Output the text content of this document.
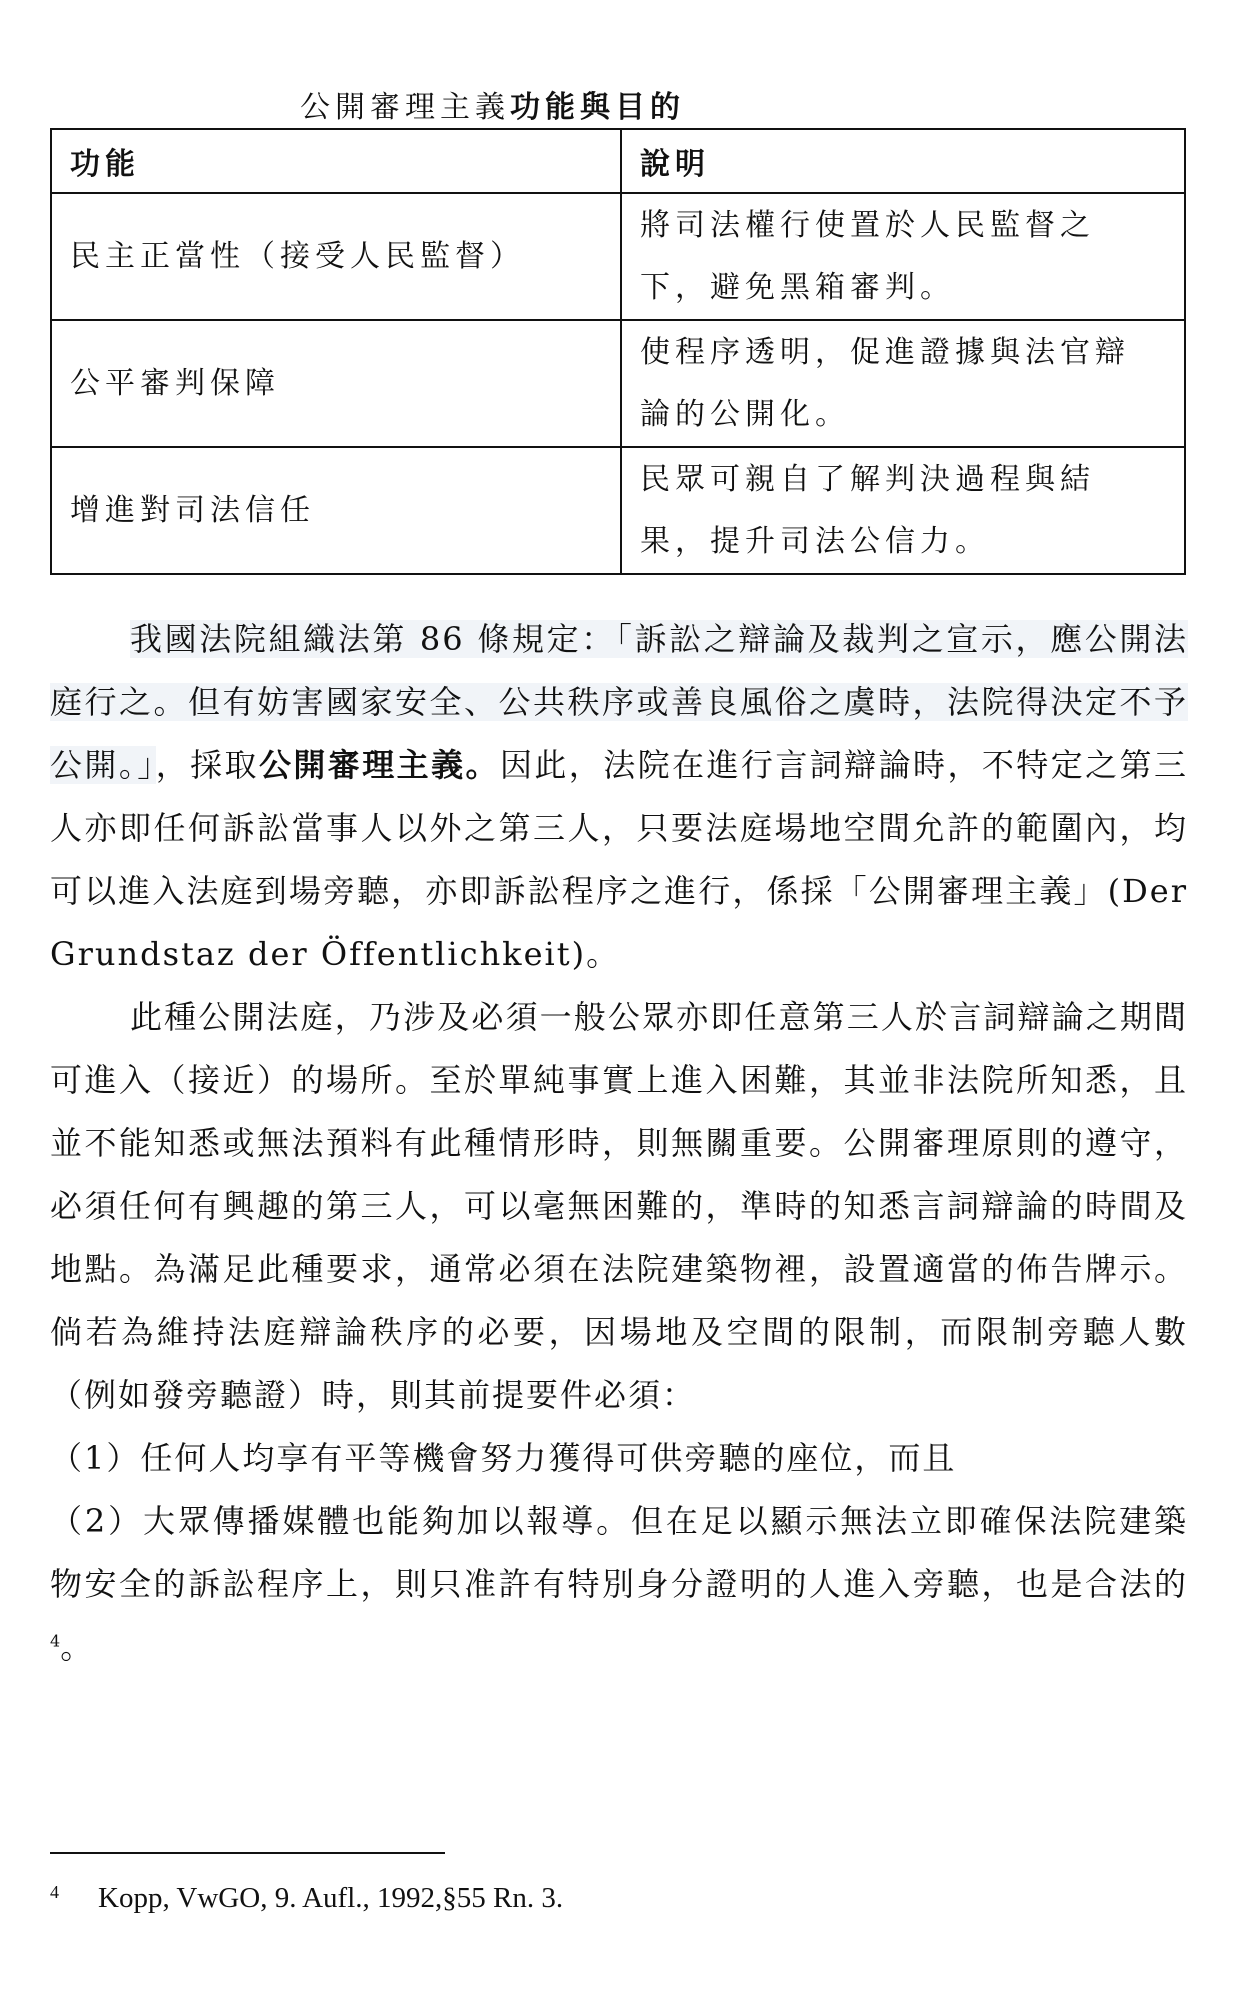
公開審理主義功能與目的
功能	說明
民主正當性（接受人民監督）	將司法權行使置於人民監督之
下，避免黑箱審判。
公平審判保障	使程序透明，促進證據與法官辯
論的公開化。
增進對司法信任	民眾可親自了解判決過程與結
果，提升司法公信力。

我國法院組織法第 86 條規定：「訴訟之辯論及裁判之宣示，應公開法庭行之。但有妨害國家安全、公共秩序或善良風俗之虞時，法院得決定不予公開。」，採取公開審理主義。因此，法院在進行言詞辯論時，不特定之第三人亦即任何訴訟當事人以外之第三人，只要法庭場地空間允許的範圍內，均可以進入法庭到場旁聽，亦即訴訟程序之進行，係採「公開審理主義」(Der Grundstaz der Öffentlichkeit)。

此種公開法庭，乃涉及必須一般公眾亦即任意第三人於言詞辯論之期間可進入（接近）的場所。至於單純事實上進入困難，其並非法院所知悉，且並不能知悉或無法預料有此種情形時，則無關重要。公開審理原則的遵守，必須任何有興趣的第三人，可以毫無困難的，準時的知悉言詞辯論的時間及地點。為滿足此種要求，通常必須在法院建築物裡，設置適當的佈告牌示。倘若為維持法庭辯論秩序的必要，因場地及空間的限制，而限制旁聽人數（例如發旁聽證）時，則其前提要件必須：

（1）任何人均享有平等機會努力獲得可供旁聽的座位，而且

（2）大眾傳播媒體也能夠加以報導。但在足以顯示無法立即確保法院建築物安全的訴訟程序上，則只准許有特別身分證明的人進入旁聽，也是合法的$^4$。

4 Kopp, VwGO, 9. Aufl., 1992,§55 Rn. 3.
